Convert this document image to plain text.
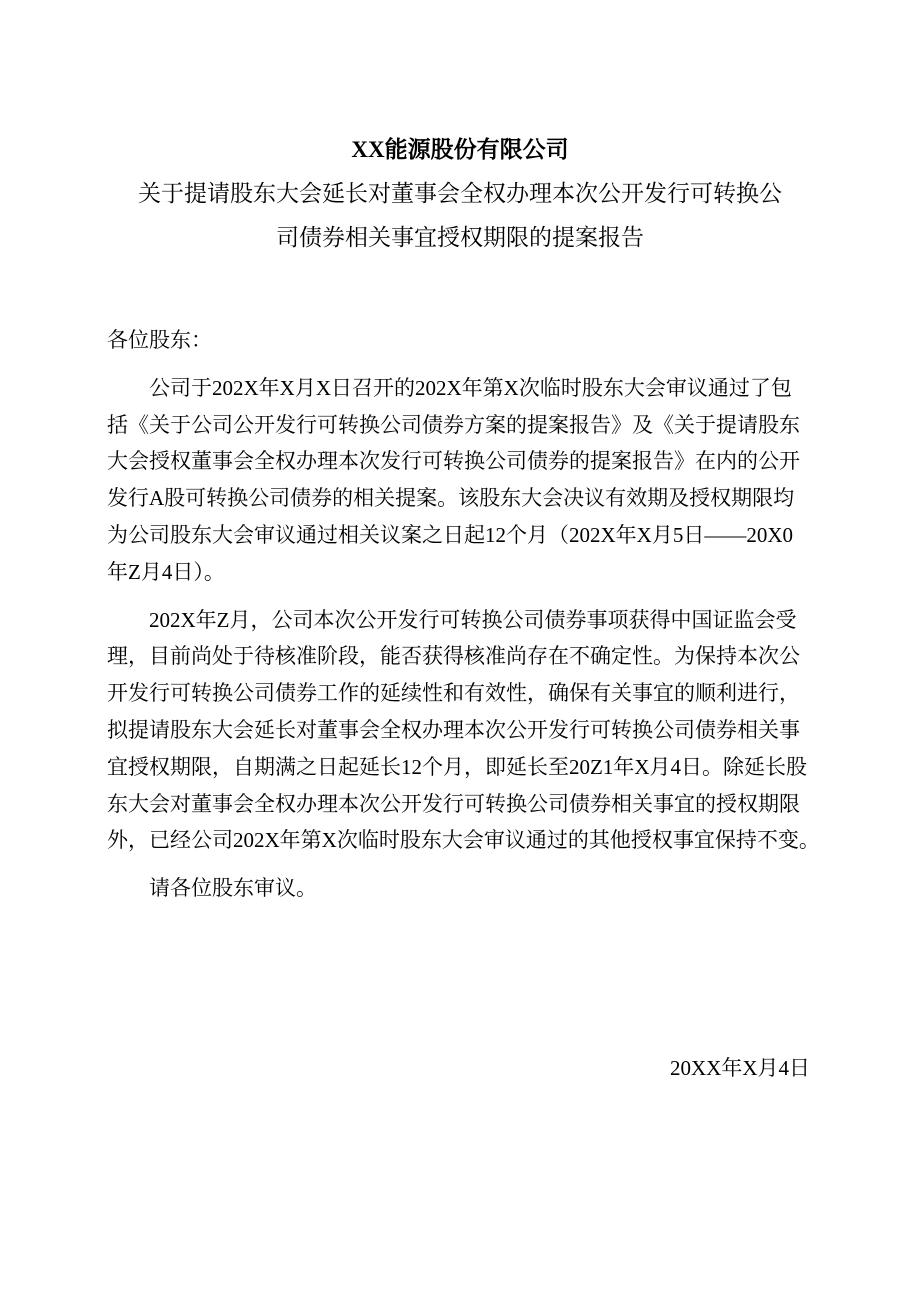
XX能源股份有限公司
关于提请股东大会延长对董事会全权办理本次公开发行可转换公
司债券相关事宜授权期限的提案报告
各位股东：
公司于202X年X月X日召开的202X年第X次临时股东大会审议通过了包
括《关于公司公开发行可转换公司债券方案的提案报告》及《关于提请股东
大会授权董事会全权办理本次发行可转换公司债券的提案报告》在内的公开
发行A股可转换公司债券的相关提案。该股东大会决议有效期及授权期限均
为公司股东大会审议通过相关议案之日起12个月（202X年X月5日——20X0
年Z月4日）。
202X年Z月，公司本次公开发行可转换公司债券事项获得中国证监会受
理，目前尚处于待核准阶段，能否获得核准尚存在不确定性。为保持本次公
开发行可转换公司债券工作的延续性和有效性，确保有关事宜的顺利进行，
拟提请股东大会延长对董事会全权办理本次公开发行可转换公司债券相关事
宜授权期限，自期满之日起延长12个月，即延长至20Z1年X月4日。除延长股
东大会对董事会全权办理本次公开发行可转换公司债券相关事宜的授权期限
外，已经公司202X年第X次临时股东大会审议通过的其他授权事宜保持不变。
请各位股东审议。
20XX年X月4日
